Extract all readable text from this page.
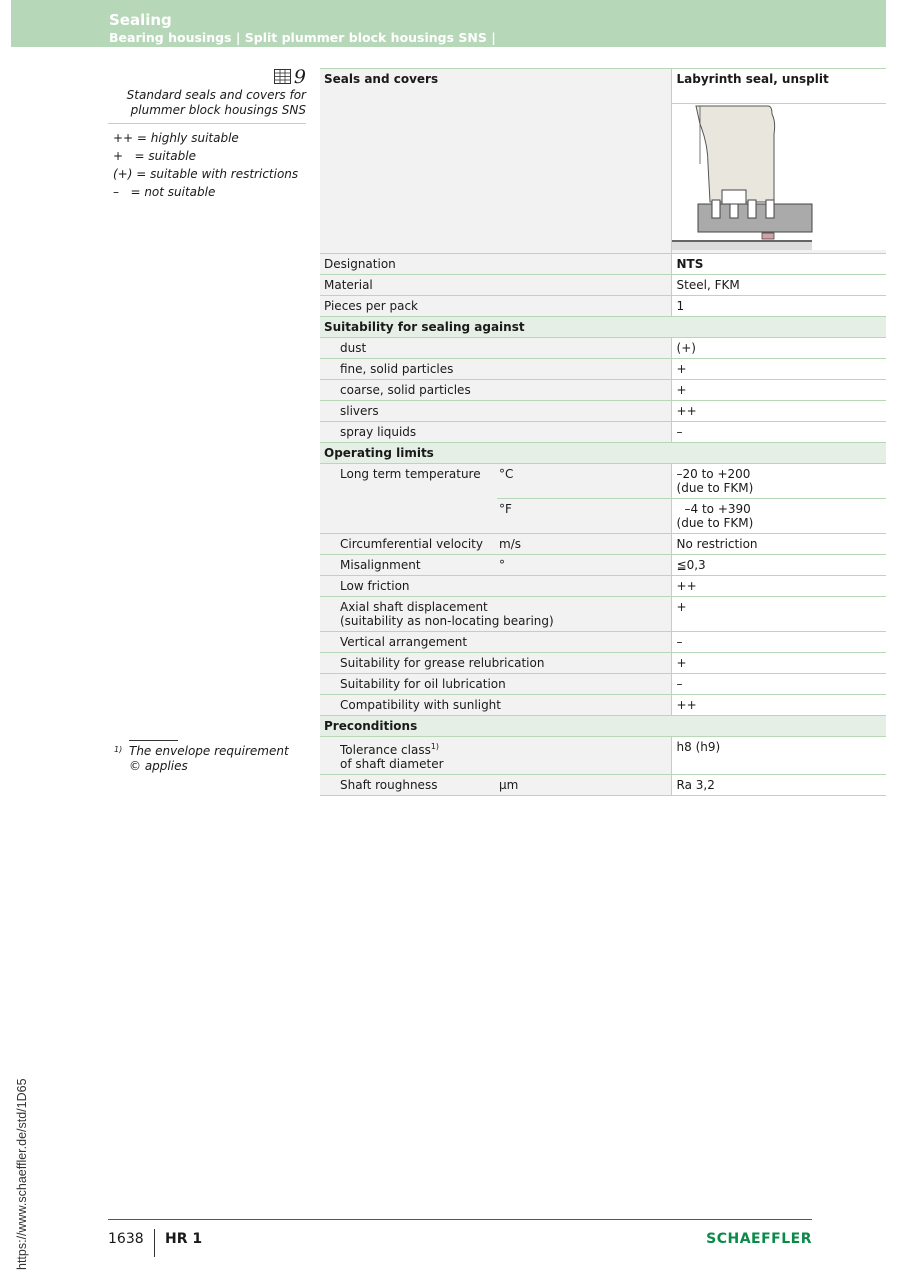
Sealing
Bearing housings | Split plummer block housings SNS |
9
Standard seals and covers for plummer block housings SNS
++ = highly suitable
+   = suitable
(+) = suitable with restrictions
–   = not suitable
1) The envelope requirement © applies
Seals and covers		Labyrinth seal, unsplit

Designation		NTS
Material		Steel, FKM
Pieces per pack		1
Suitability for sealing against		
dust		(+)
fine, solid particles		+
coarse, solid particles		+
slivers		++
spray liquids		–
Operating limits		
Long term temperature	°C	–20 to +200
(due to FKM)

	°F	–4 to +390
(due to FKM)

Circumferential velocity	m/s	No restriction
Misalignment	°	≦0,3
Low friction		++

Axial shaft displacement
(suitability as non-locating bearing)		+
Vertical arrangement		–
Suitability for grease relubrication		+
Suitability for oil lubrication		–
Compatibility with sunlight		++
Preconditions		

Tolerance class$^{1)}$
of shaft diameter		h8 (h9)
Shaft roughness	µm	Ra 3,2
https://www.schaeffler.de/std/1D65	1638 HR 1	SCHAEFFLER
